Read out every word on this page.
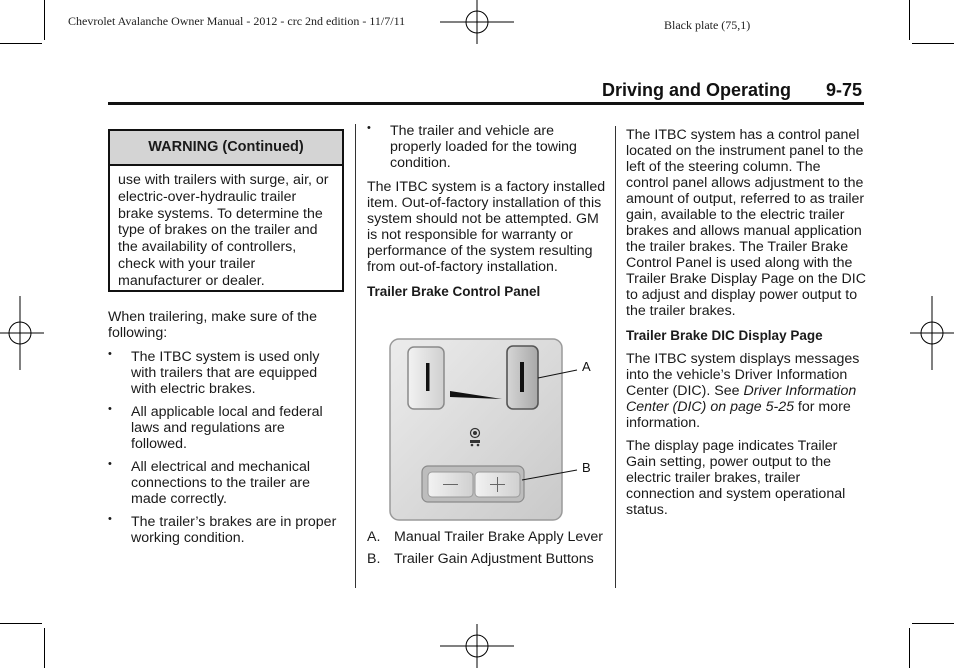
Chevrolet Avalanche Owner Manual - 2012 - crc 2nd edition - 11/7/11	Black plate (75,1)
Driving and Operating 9-75
WARNING (Continued)
use with trailers with surge, air, or electric-over-hydraulic trailer brake systems. To determine the type of brakes on the trailer and the availability of controllers, check with your trailer manufacturer or dealer.

When trailering, make sure of the following:

• The ITBC system is used only with trailers that are equipped with electric brakes.
• All applicable local and federal laws and regulations are followed.
• All electrical and mechanical connections to the trailer are made correctly.
• The trailer’s brakes are in proper working condition.
• The trailer and vehicle are properly loaded for the towing condition.

The ITBC system is a factory installed item. Out-of-factory installation of this system should not be attempted. GM is not responsible for warranty or performance of the system resulting from out-of-factory installation.

Trailer Brake Control Panel

A
B
A. Manual Trailer Brake Apply Lever
B. Trailer Gain Adjustment Buttons

The ITBC system has a control panel located on the instrument panel to the left of the steering column. The control panel allows adjustment to the amount of output, referred to as trailer gain, available to the electric trailer brakes and allows manual application the trailer brakes. The Trailer Brake Control Panel is used along with the Trailer Brake Display Page on the DIC to adjust and display power output to the trailer brakes.

Trailer Brake DIC Display Page

The ITBC system displays messages into the vehicle’s Driver Information Center (DIC). See Driver Information Center (DIC) on page 5-25 for more information.

The display page indicates Trailer Gain setting, power output to the electric trailer brakes, trailer connection and system operational status.
